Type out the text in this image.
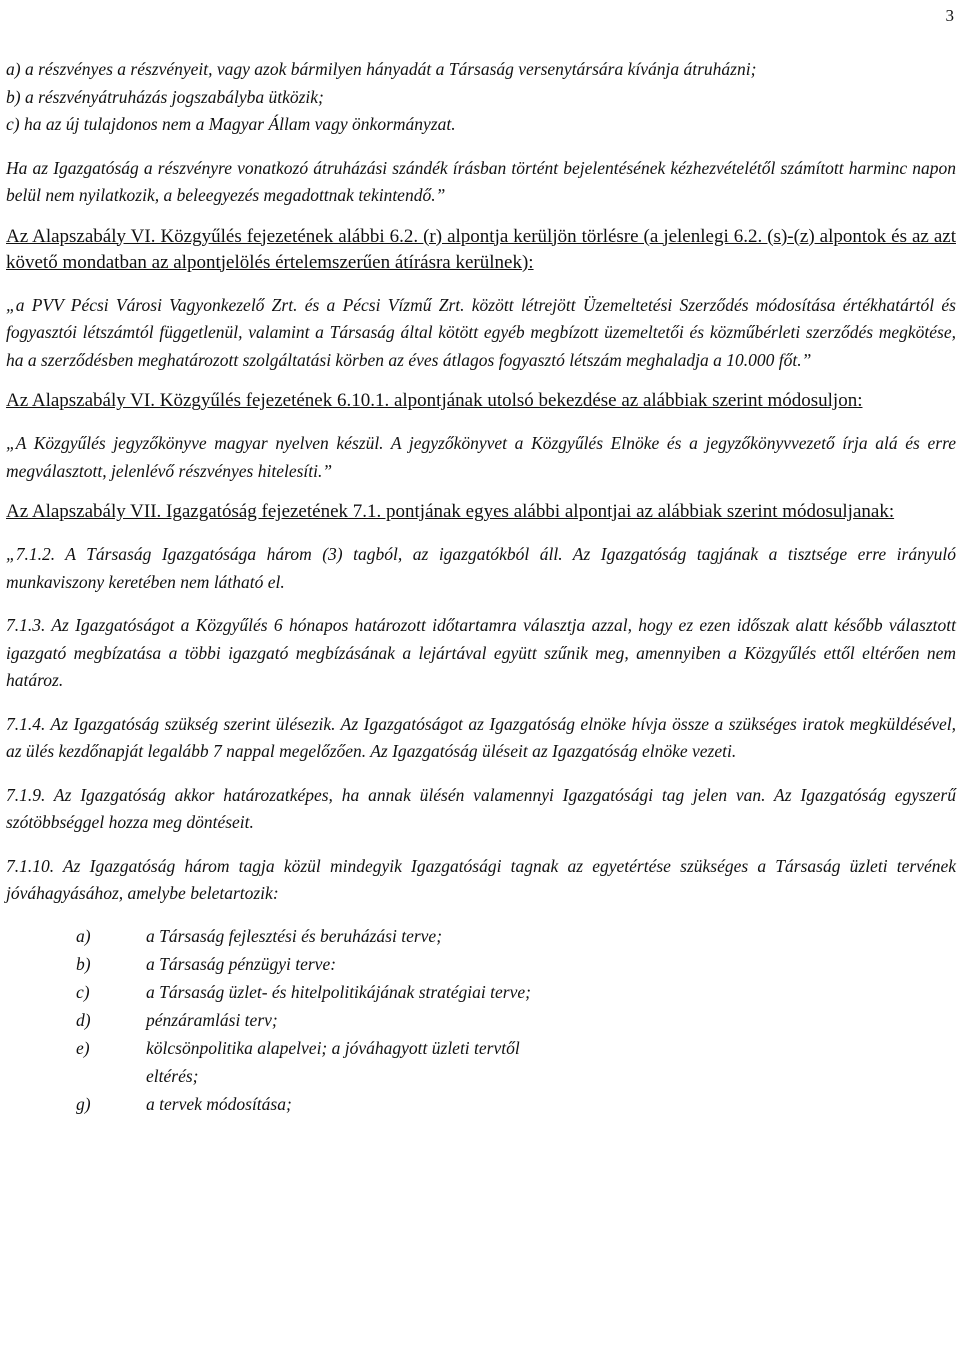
3

a) a részvényes a részvényeit, vagy azok bármilyen hányadát a Társaság versenytársára kívánja átruházni;

b) a részvényátruházás jogszabályba ütközik;

c) ha az új tulajdonos nem a Magyar Állam vagy önkormányzat.

Ha az Igazgatóság a részvényre vonatkozó átruházási szándék írásban történt bejelentésének kézhezvételétől számított harminc napon belül nem nyilatkozik, a beleegyezés megadottnak tekintendő.”

Az Alapszabály VI. Közgyűlés fejezetének alábbi 6.2. (r) alpontja kerüljön törlésre (a jelenlegi 6.2. (s)-(z) alpontok és az azt követő mondatban az alpontjelölés értelemszerűen átírásra kerülnek):

„a PVV Pécsi Városi Vagyonkezelő Zrt. és a Pécsi Vízmű Zrt. között létrejött Üzemeltetési Szerződés módosítása értékhatártól és fogyasztói létszámtól függetlenül, valamint a Társaság által kötött egyéb megbízott üzemeltetői és közműbérleti szerződés megkötése, ha a szerződésben meghatározott szolgáltatási körben az éves átlagos fogyasztó létszám meghaladja a 10.000 főt.”

Az Alapszabály VI. Közgyűlés fejezetének 6.10.1. alpontjának utolsó bekezdése az alábbiak szerint módosuljon:

„A Közgyűlés jegyzőkönyve magyar nyelven készül. A jegyzőkönyvet a Közgyűlés Elnöke és a jegyzőkönyvvezető írja alá és erre megválasztott, jelenlévő részvényes hitelesíti.”

Az Alapszabály VII. Igazgatóság fejezetének 7.1. pontjának egyes alábbi alpontjai az alábbiak szerint módosuljanak:

„7.1.2. A Társaság Igazgatósága három (3) tagból, az igazgatókból áll. Az Igazgatóság tagjának a tisztsége erre irányuló munkaviszony keretében nem látható el.

7.1.3. Az Igazgatóságot a Közgyűlés 6 hónapos határozott időtartamra választja azzal, hogy ez ezen időszak alatt később választott igazgató megbízatása a többi igazgató megbízásának a lejártával együtt szűnik meg, amennyiben a Közgyűlés ettől eltérően nem határoz.

7.1.4. Az Igazgatóság szükség szerint ülésezik. Az Igazgatóságot az Igazgatóság elnöke hívja össze a szükséges iratok megküldésével, az ülés kezdőnapját legalább 7 nappal megelőzően. Az Igazgatóság üléseit az Igazgatóság elnöke vezeti.

7.1.9. Az Igazgatóság akkor határozatképes, ha annak ülésén valamennyi Igazgatósági tag jelen van. Az Igazgatóság egyszerű szótöbbséggel hozza meg döntéseit.

7.1.10. Az Igazgatóság három tagja közül mindegyik Igazgatósági tagnak az egyetértése szükséges a Társaság üzleti tervének jóváhagyásához, amelybe beletartozik:

a)	a Társaság fejlesztési és beruházási terve;
b)	a Társaság pénzügyi terve:
c)	a Társaság üzlet- és hitelpolitikájának stratégiai terve;
d)	pénzáramlási terv;
e)	kölcsönpolitika alapelvei; a jóváhagyott üzleti tervtől eltérés;
g)	a tervek módosítása;
